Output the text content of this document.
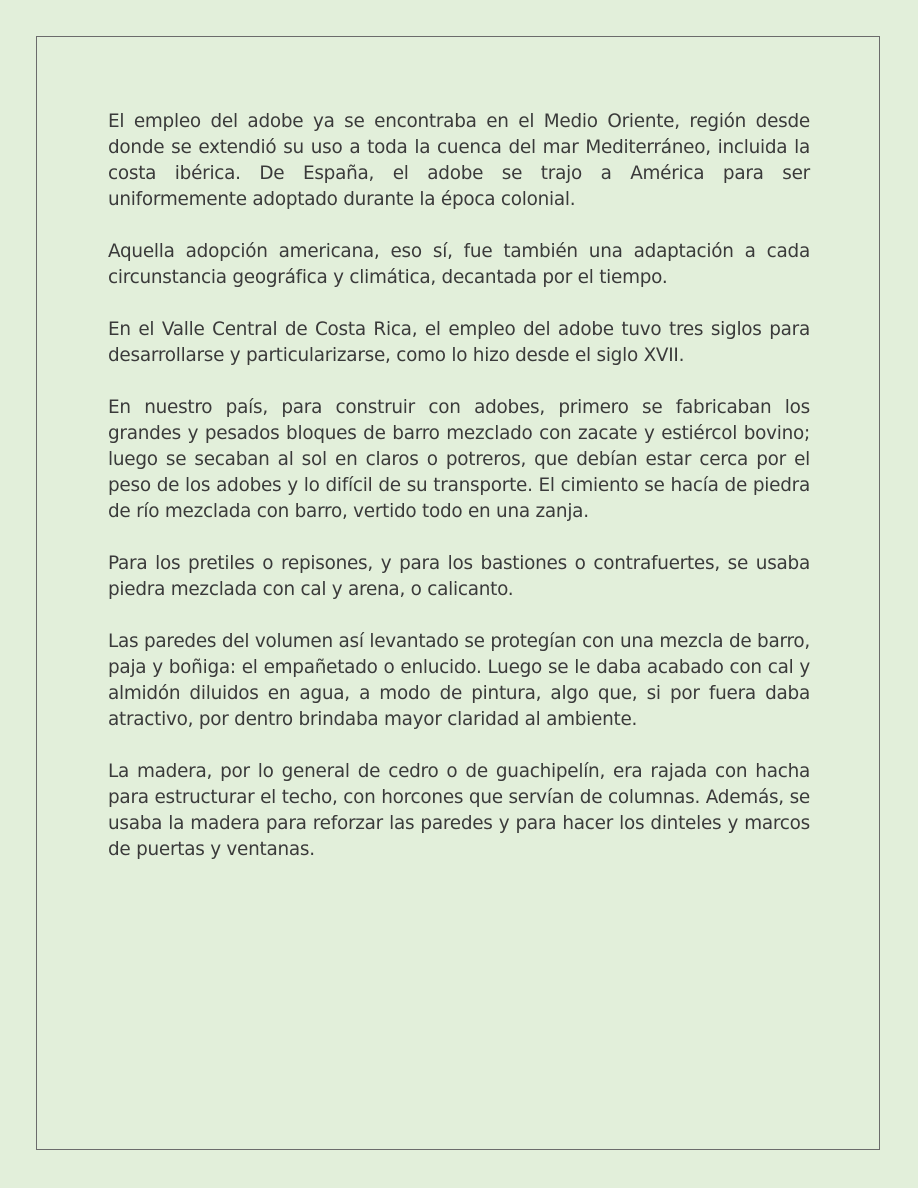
El empleo del adobe ya se encontraba en el Medio Oriente, región desde donde se extendió su uso a toda la cuenca del mar Mediterráneo, incluida la costa ibérica. De España, el adobe se trajo a América para ser uniformemente adoptado durante la época colonial.

Aquella adopción americana, eso sí, fue también una adaptación a cada circunstancia geográfica y climática, decantada por el tiempo.

En el Valle Central de Costa Rica, el empleo del adobe tuvo tres siglos para desarrollarse y particularizarse, como lo hizo desde el siglo XVII.

En nuestro país, para construir con adobes, primero se fabricaban los grandes y pesados bloques de barro mezclado con zacate y estiércol bovino; luego se secaban al sol en claros o potreros, que debían estar cerca por el peso de los adobes y lo difícil de su transporte. El cimiento se hacía de piedra de río mezclada con barro, vertido todo en una zanja.

Para los pretiles o repisones, y para los bastiones o contrafuertes, se usaba piedra mezclada con cal y arena, o calicanto.

Las paredes del volumen así levantado se protegían con una mezcla de barro, paja y boñiga: el empañetado o enlucido. Luego se le daba acabado con cal y almidón diluidos en agua, a modo de pintura, algo que, si por fuera daba atractivo, por dentro brindaba mayor claridad al ambiente.

La madera, por lo general de cedro o de guachipelín, era rajada con hacha para estructurar el techo, con horcones que servían de columnas. Además, se usaba la madera para reforzar las paredes y para hacer los dinteles y marcos de puertas y ventanas.
